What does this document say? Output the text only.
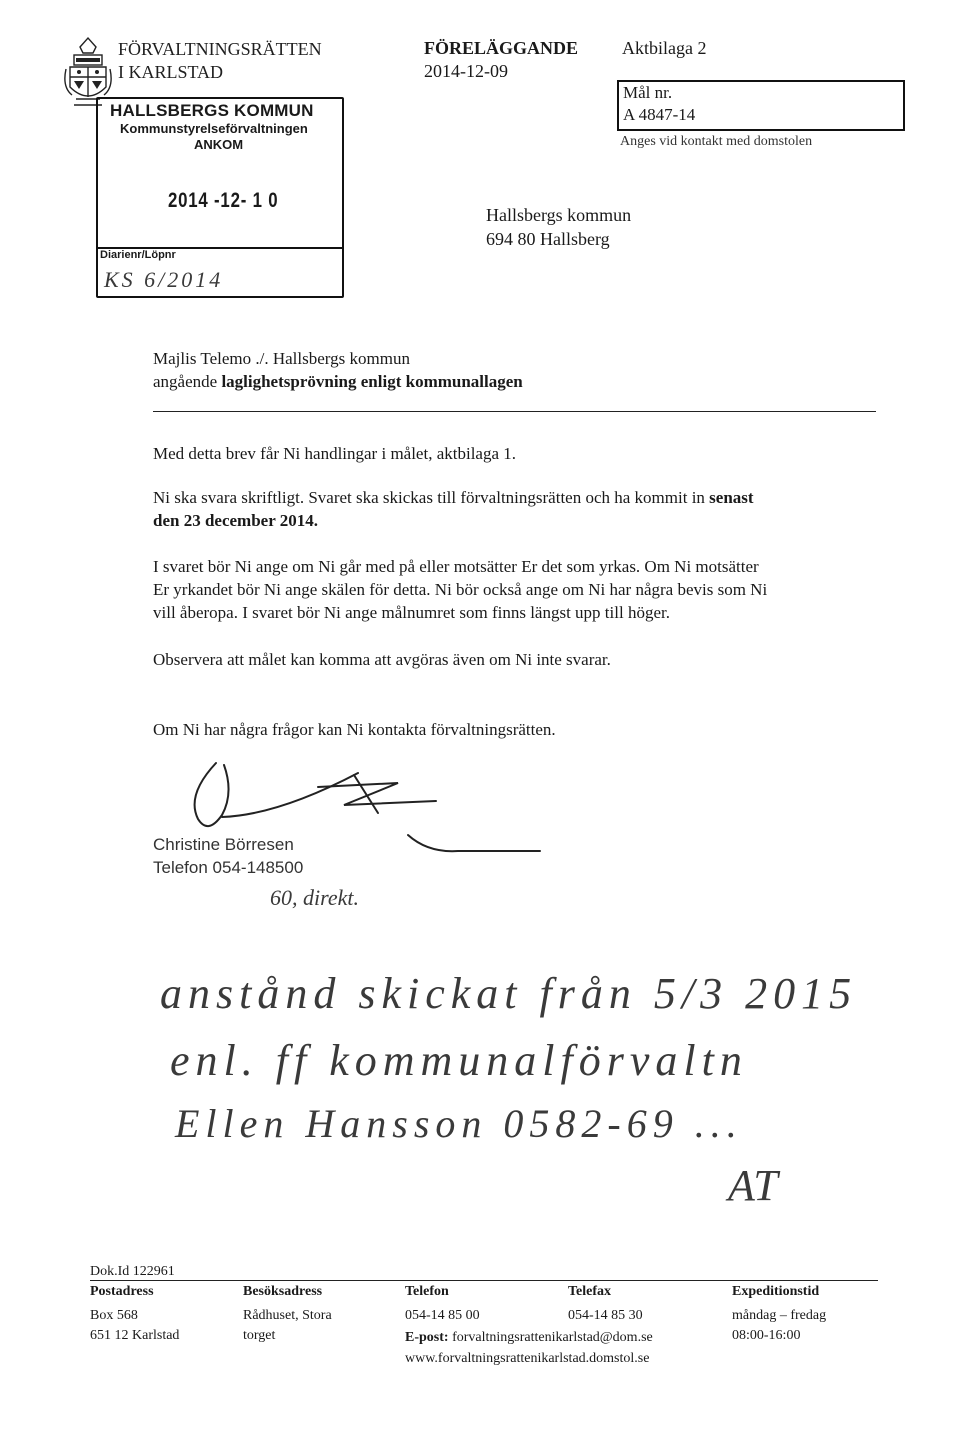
FÖRVALTNINGSRÄTTEN
I KARLSTAD
FÖRELÄGGANDE
2014-12-09
Aktbilaga 2
Mål nr.
A 4847-14
Anges vid kontakt med domstolen
HALLSBERGS KOMMUN
Kommunstyrelseförvaltningen
ANKOM
2014 -12- 1 0
Diarienr/Löpnr
KS 6/2014
Hallsbergs kommun
694 80 Hallsberg
Majlis Telemo ./. Hallsbergs kommun
angående laglighetsprövning enligt kommunallagen
Med detta brev får Ni handlingar i målet, aktbilaga 1.
Ni ska svara skriftligt. Svaret ska skickas till förvaltningsrätten och ha kommit in senast
den 23 december 2014.
I svaret bör Ni ange om Ni går med på eller motsätter Er det som yrkas. Om Ni motsätter
Er yrkandet bör Ni ange skälen för detta. Ni bör också ange om Ni har några bevis som Ni
vill åberopa. I svaret bör Ni ange målnumret som finns längst upp till höger.
Observera att målet kan komma att avgöras även om Ni inte svarar.
Om Ni har några frågor kan Ni kontakta förvaltningsrätten.
Christine Börresen
Telefon 054-148500
60, direkt.
anstånd skickat från 5/3 2015
enl. ff kommunalförvaltn
Ellen Hansson 0582-69 ...
AT
Dok.Id 122961
Postadress
Box 568
651 12 Karlstad
Besöksadress
Rådhuset, Stora
torget
Telefon
054-14 85 00
Telefax
054-14 85 30
E-post: forvaltningsrattenikarlstad@dom.se
www.forvaltningsrattenikarlstad.domstol.se
Expeditionstid
måndag – fredag
08:00-16:00
